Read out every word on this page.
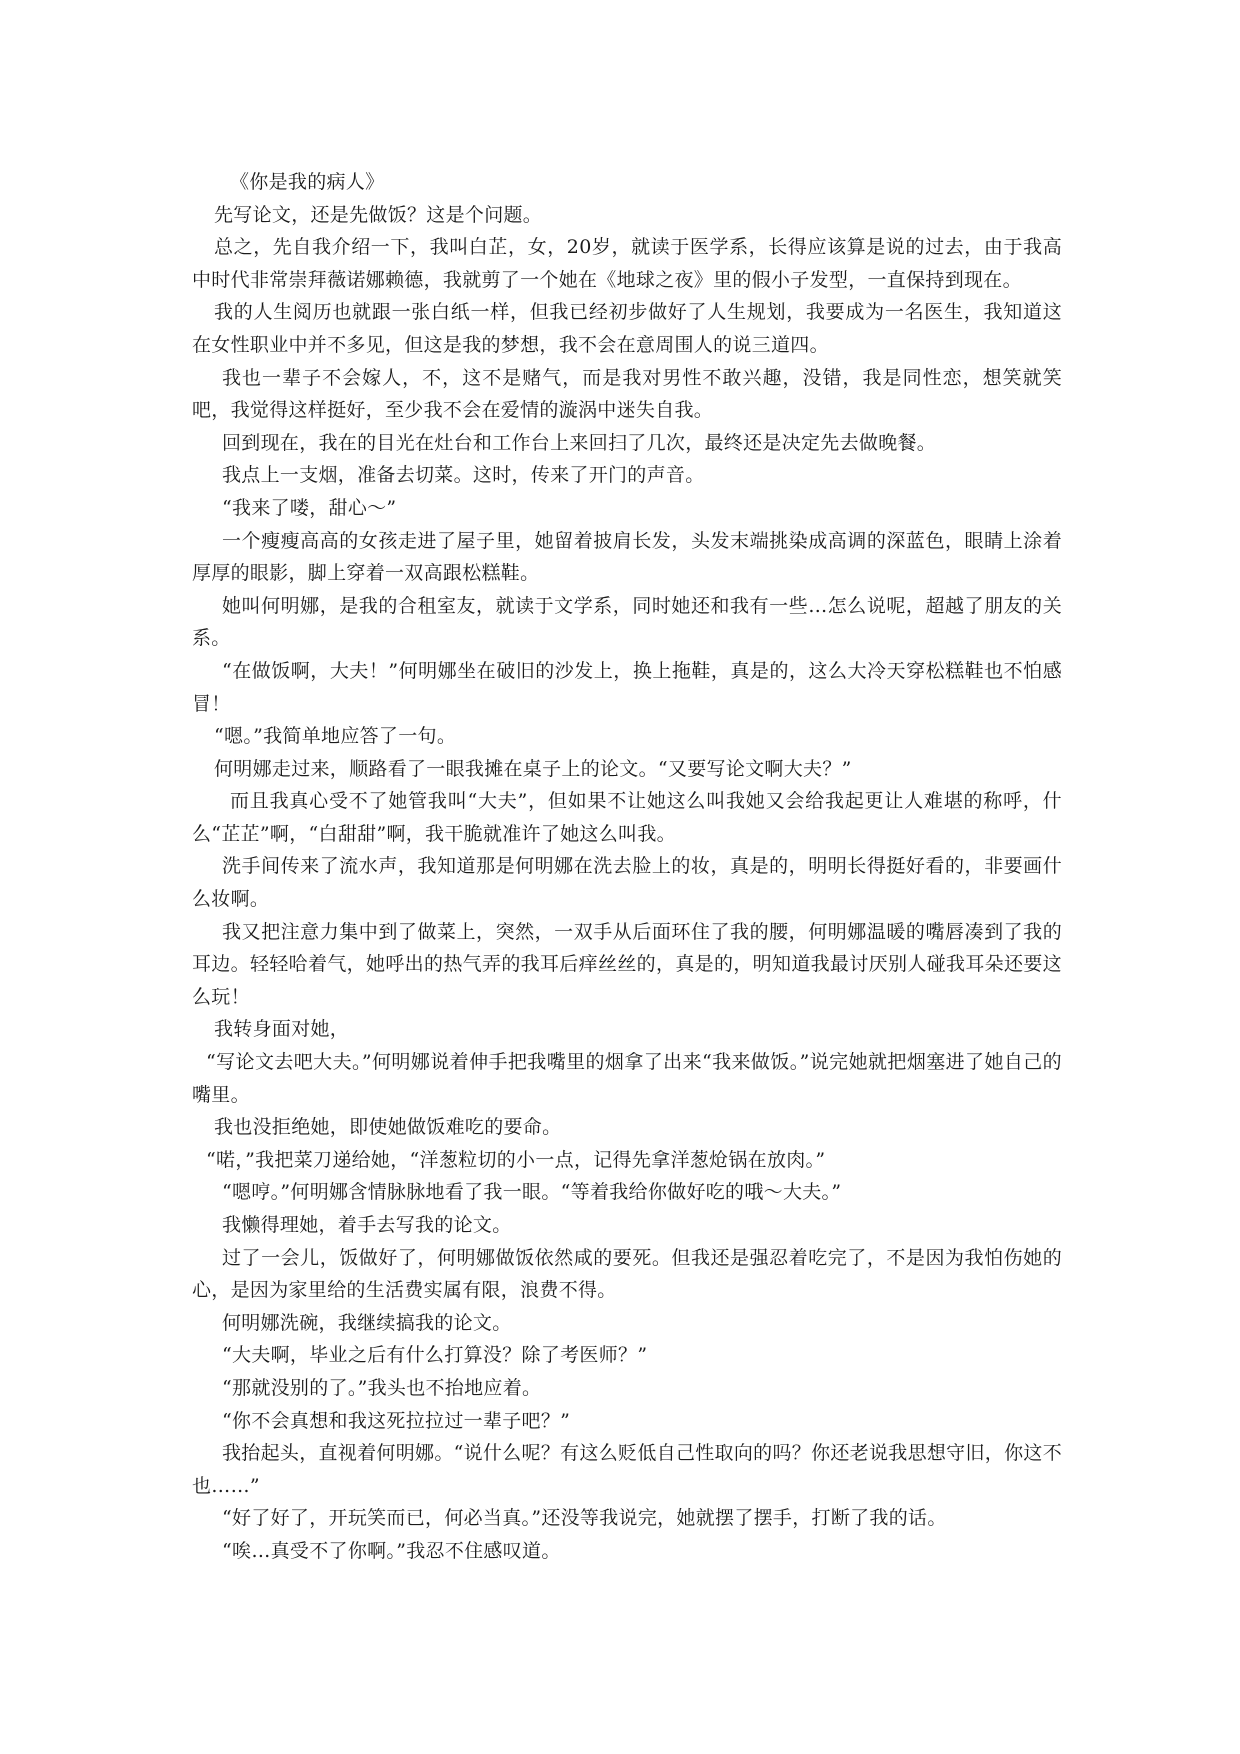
《你是我的病人》

先写论文，还是先做饭？这是个问题。

总之，先自我介绍一下，我叫白芷，女，20岁，就读于医学系，长得应该算是说的过去，由于我高中时代非常崇拜薇诺娜赖德，我就剪了一个她在《地球之夜》里的假小子发型，一直保持到现在。

我的人生阅历也就跟一张白纸一样，但我已经初步做好了人生规划，我要成为一名医生，我知道这在女性职业中并不多见，但这是我的梦想，我不会在意周围人的说三道四。

我也一辈子不会嫁人，不，这不是赌气，而是我对男性不敢兴趣，没错，我是同性恋，想笑就笑吧，我觉得这样挺好，至少我不会在爱情的漩涡中迷失自我。

回到现在，我在的目光在灶台和工作台上来回扫了几次，最终还是决定先去做晚餐。

我点上一支烟，准备去切菜。这时，传来了开门的声音。

“我来了喽，甜心～”

一个瘦瘦高高的女孩走进了屋子里，她留着披肩长发，头发末端挑染成高调的深蓝色，眼睛上涂着厚厚的眼影，脚上穿着一双高跟松糕鞋。

她叫何明娜，是我的合租室友，就读于文学系，同时她还和我有一些…怎么说呢，超越了朋友的关系。

“在做饭啊，大夫！”何明娜坐在破旧的沙发上，换上拖鞋，真是的，这么大冷天穿松糕鞋也不怕感冒！

“嗯。”我简单地应答了一句。

何明娜走过来，顺路看了一眼我摊在桌子上的论文。“又要写论文啊大夫？”

而且我真心受不了她管我叫“大夫”，但如果不让她这么叫我她又会给我起更让人难堪的称呼，什么“芷芷”啊，“白甜甜”啊，我干脆就准许了她这么叫我。

洗手间传来了流水声，我知道那是何明娜在洗去脸上的妆，真是的，明明长得挺好看的，非要画什么妆啊。

我又把注意力集中到了做菜上，突然，一双手从后面环住了我的腰，何明娜温暖的嘴唇凑到了我的耳边。轻轻哈着气，她呼出的热气弄的我耳后痒丝丝的，真是的，明知道我最讨厌别人碰我耳朵还要这么玩！

我转身面对她，

“写论文去吧大夫。”何明娜说着伸手把我嘴里的烟拿了出来“我来做饭。”说完她就把烟塞进了她自己的嘴里。

我也没拒绝她，即使她做饭难吃的要命。

“喏，”我把菜刀递给她，“洋葱粒切的小一点，记得先拿洋葱炝锅在放肉。”

“嗯哼。”何明娜含情脉脉地看了我一眼。“等着我给你做好吃的哦～大夫。”

我懒得理她，着手去写我的论文。

过了一会儿，饭做好了，何明娜做饭依然咸的要死。但我还是强忍着吃完了，不是因为我怕伤她的心，是因为家里给的生活费实属有限，浪费不得。

何明娜洗碗，我继续搞我的论文。

“大夫啊，毕业之后有什么打算没？除了考医师？”

“那就没别的了。”我头也不抬地应着。

“你不会真想和我这死拉拉过一辈子吧？”

我抬起头，直视着何明娜。“说什么呢？有这么贬低自己性取向的吗？你还老说我思想守旧，你这不也……”

“好了好了，开玩笑而已，何必当真。”还没等我说完，她就摆了摆手，打断了我的话。

“唉…真受不了你啊。”我忍不住感叹道。
